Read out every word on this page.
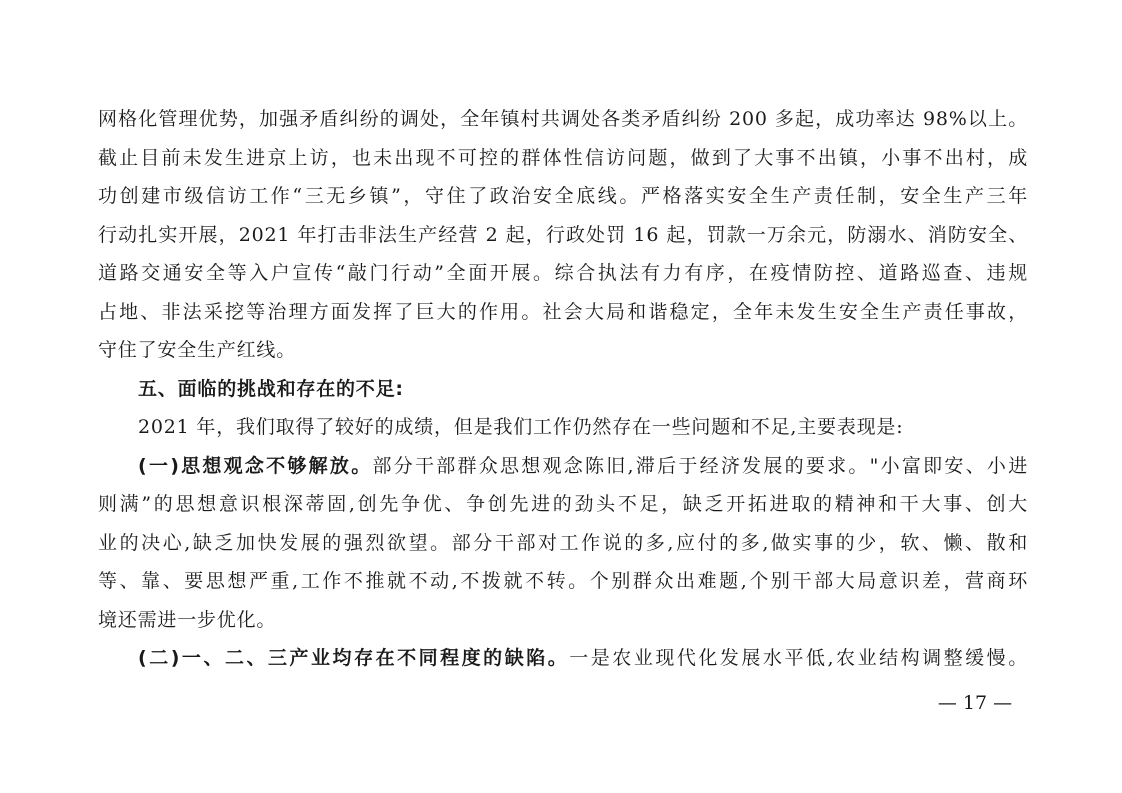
网格化管理优势，加强矛盾纠纷的调处，全年镇村共调处各类矛盾纠纷 200 多起，成功率达 98%以上。
截止目前未发生进京上访，也未出现不可控的群体性信访问题，做到了大事不出镇，小事不出村，成
功创建市级信访工作“三无乡镇”，守住了政治安全底线。严格落实安全生产责任制，安全生产三年
行动扎实开展，2021 年打击非法生产经营 2 起，行政处罚 16 起，罚款一万余元，防溺水、消防安全、
道路交通安全等入户宣传“敲门行动”全面开展。综合执法有力有序，在疫情防控、道路巡查、违规
占地、非法采挖等治理方面发挥了巨大的作用。社会大局和谐稳定，全年未发生安全生产责任事故，
守住了安全生产红线。
五、面临的挑战和存在的不足:
2021 年，我们取得了较好的成绩，但是我们工作仍然存在一些问题和不足,主要表现是:
(一)思想观念不够解放。部分干部群众思想观念陈旧,滞后于经济发展的要求。"小富即安、小进
则满”的思想意识根深蒂固,创先争优、争创先进的劲头不足，缺乏开拓进取的精神和干大事、创大
业的决心,缺乏加快发展的强烈欲望。部分干部对工作说的多,应付的多,做实事的少，软、懒、散和
等、靠、要思想严重,工作不推就不动,不拨就不转。个别群众出难题,个别干部大局意识差，营商环
境还需进一步优化。
(二)一、二、三产业均存在不同程度的缺陷。一是农业现代化发展水平低,农业结构调整缓慢。
— 17 —
